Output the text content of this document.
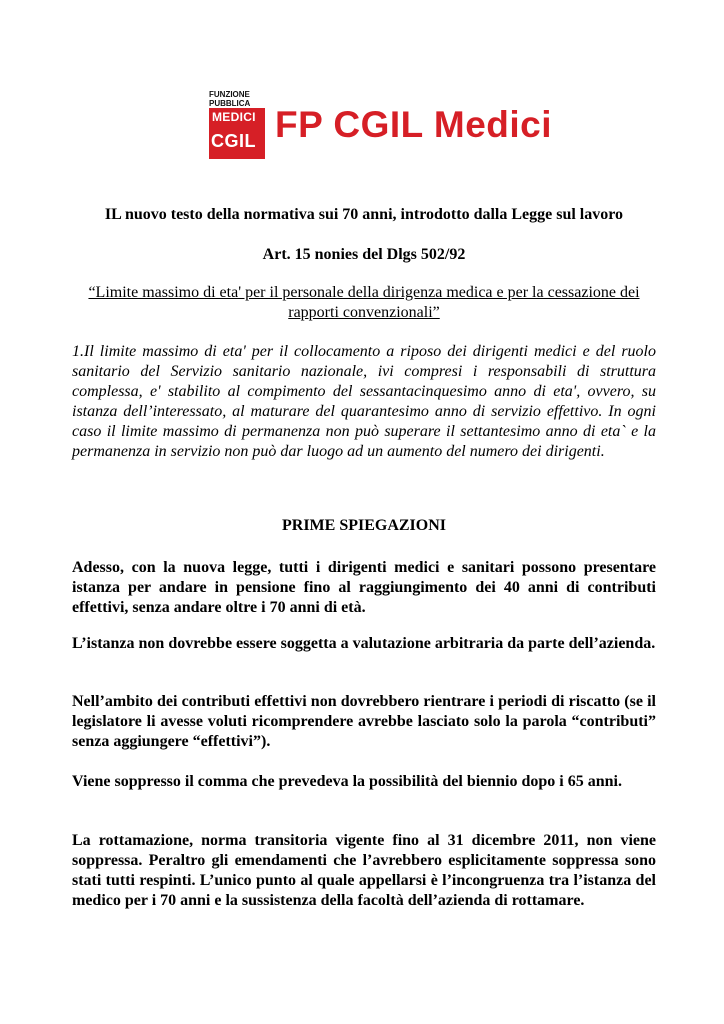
FUNZIONE
PUBBLICA
MEDICI
CGIL FP CGIL Medici
IL nuovo testo della normativa sui 70 anni, introdotto dalla Legge sul lavoro
Art. 15 nonies del Dlgs 502/92
“Limite massimo di eta' per il personale della dirigenza medica e per la cessazione dei rapporti convenzionali”
1.Il limite massimo di eta' per il collocamento a riposo dei dirigenti medici e del ruolo sanitario del Servizio sanitario nazionale, ivi compresi i responsabili di struttura complessa, e' stabilito al compimento del sessantacinquesimo anno di eta', ovvero, su istanza dell’interessato, al maturare del quarantesimo anno di servizio effettivo. In ogni caso il limite massimo di permanenza non può superare il settantesimo anno di eta` e la permanenza in servizio non può dar luogo ad un aumento del numero dei dirigenti.
PRIME SPIEGAZIONI
Adesso, con la nuova legge, tutti i dirigenti medici e sanitari possono presentare istanza per andare in pensione fino al raggiungimento dei 40 anni di contributi effettivi, senza andare oltre i 70 anni di età.
L’istanza non dovrebbe essere soggetta a valutazione arbitraria da parte dell’azienda.
Nell’ambito dei contributi effettivi non dovrebbero rientrare i periodi di riscatto (se il legislatore li avesse voluti ricomprendere avrebbe lasciato solo la parola “contributi” senza aggiungere “effettivi”).
Viene soppresso il comma che prevedeva la possibilità del biennio dopo i 65 anni.
La rottamazione, norma transitoria vigente fino al 31 dicembre 2011, non viene soppressa. Peraltro gli emendamenti che l’avrebbero esplicitamente soppressa sono stati tutti respinti. L’unico punto al quale appellarsi è l’incongruenza tra l’istanza del medico per i 70 anni e la sussistenza della facoltà dell’azienda di rottamare.
